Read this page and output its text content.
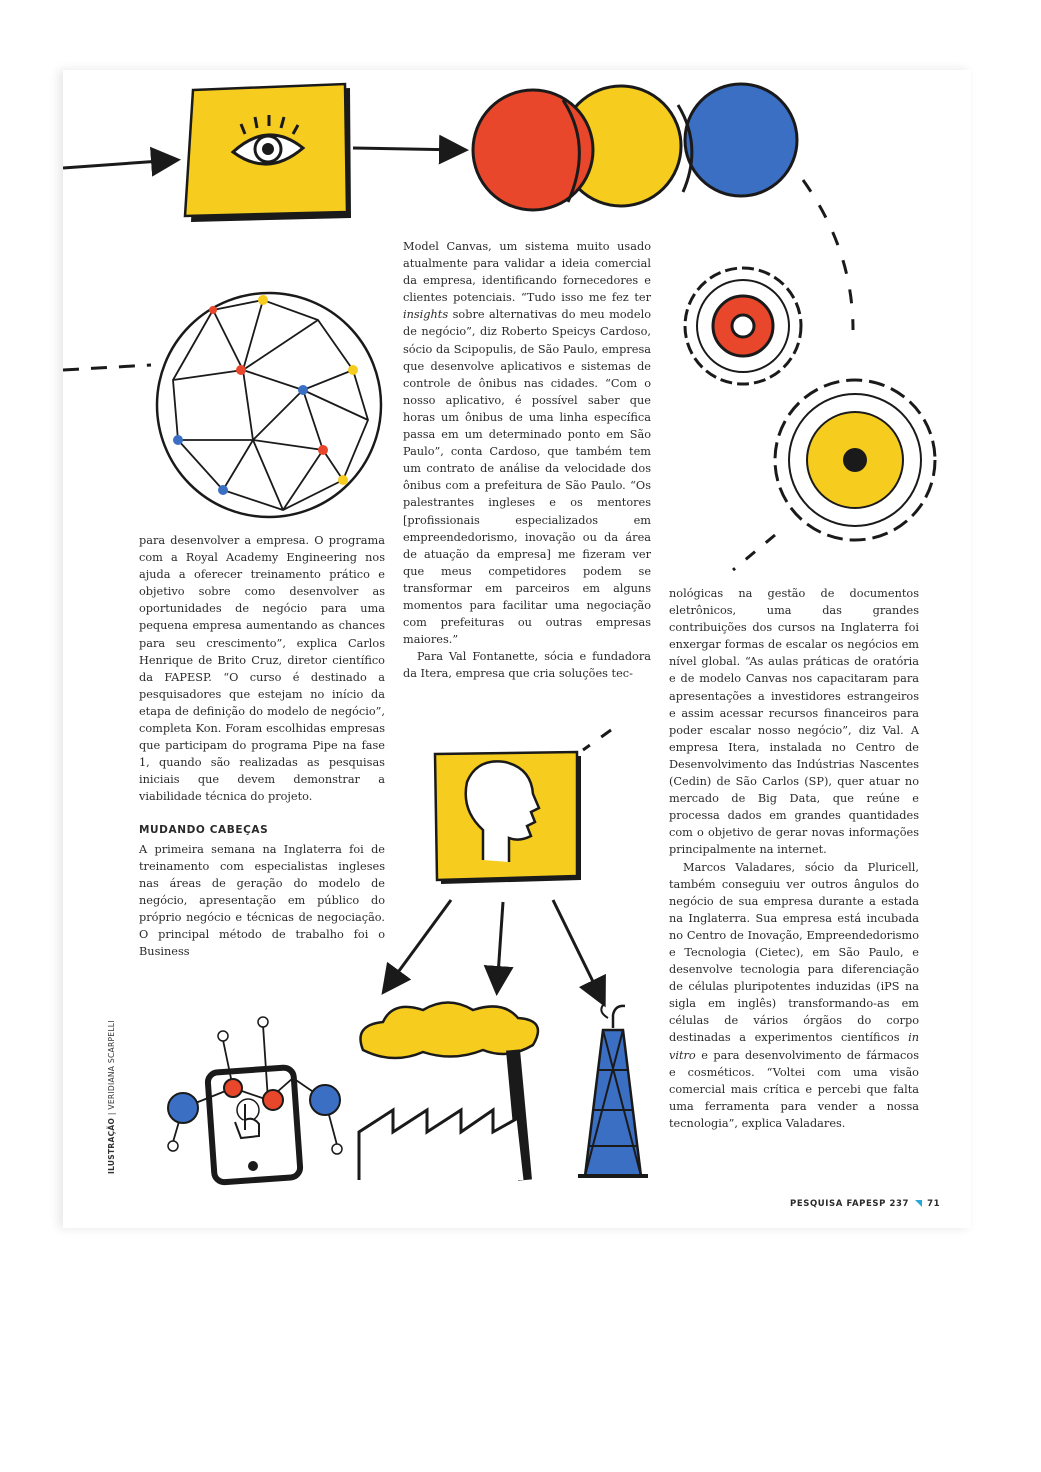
para desenvolver a empresa. O programa com a Royal Academy Engineering nos ajuda a oferecer treinamento prático e objetivo sobre como desenvolver as oportunidades de negócio para uma pequena empresa aumentando as chances para seu crescimento”, explica Carlos Henrique de Brito Cruz, diretor científico da FAPESP. “O curso é destinado a pesquisadores que estejam no início da etapa de definição do modelo de negócio”, completa Kon. Foram escolhidas empresas que participam do programa Pipe na fase 1, quando são realizadas as pesquisas iniciais que devem demonstrar a viabilidade técnica do projeto.

MUDANDO CABEÇAS

A primeira semana na Inglaterra foi de treinamento com especialistas ingleses nas áreas de geração do modelo de negócio, apresentação em público do próprio negócio e técnicas de negociação. O principal método de trabalho foi o Business

Model Canvas, um sistema muito usado atualmente para validar a ideia comercial da empresa, identificando fornecedores e clientes potenciais. “Tudo isso me fez ter insights sobre alternativas do meu modelo de negócio”, diz Roberto Speicys Cardoso, sócio da Scipopulis, de São Paulo, empresa que desenvolve aplicativos e sistemas de controle de ônibus nas cidades. “Com o nosso aplicativo, é possível saber que horas um ônibus de uma linha específica passa em um determinado ponto em São Paulo”, conta Cardoso, que também tem um contrato de análise da velocidade dos ônibus com a prefeitura de São Paulo. “Os palestrantes ingleses e os mentores [profissionais especializados em empreendedorismo, inovação ou da área de atuação da empresa] me fizeram ver que meus competidores podem se transformar em parceiros em alguns momentos para facilitar uma negociação com prefeituras ou outras empresas maiores.”

Para Val Fontanette, sócia e fundadora da Itera, empresa que cria soluções tec-

nológicas na gestão de documentos eletrônicos, uma das grandes contribuições dos cursos na Inglaterra foi enxergar formas de escalar os negócios em nível global. “As aulas práticas de oratória e de modelo Canvas nos capacitaram para apresentações a investidores estrangeiros e assim acessar recursos financeiros para poder escalar nosso negócio”, diz Val. A empresa Itera, instalada no Centro de Desenvolvimento das Indústrias Nascentes (Cedin) de São Carlos (SP), quer atuar no mercado de Big Data, que reúne e processa dados em grandes quantidades com o objetivo de gerar novas informações principalmente na internet.

Marcos Valadares, sócio da Pluricell, também conseguiu ver outros ângulos do negócio de sua empresa durante a estada na Inglaterra. Sua empresa está incubada no Centro de Inovação, Empreendedorismo e Tecnologia (Cietec), em São Paulo, e desenvolve tecnologia para diferenciação de células pluripotentes induzidas (iPS na sigla em inglês) transformando-as em células de vários órgãos do corpo destinadas a experimentos científicos in vitro e para desenvolvimento de fármacos e cosméticos. “Voltei com uma visão comercial mais crítica e percebi que falta uma ferramenta para vender a nossa tecnologia”, explica Valadares.

ILUSTRAÇÃO | VERIDIANA SCARPELLI
PESQUISA FAPESP 237 71
